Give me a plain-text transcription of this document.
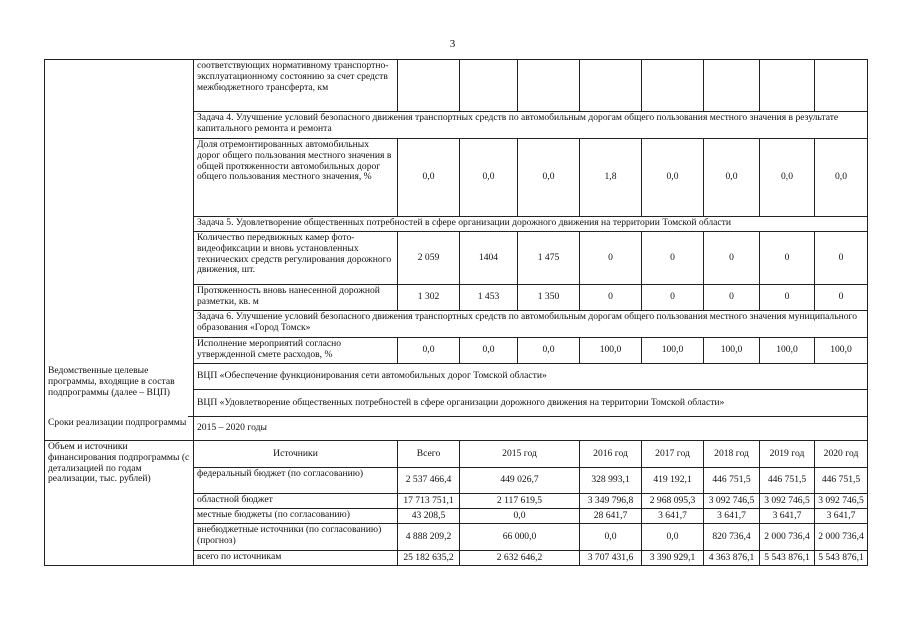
3
	соответствующих нормативному транспортно-эксплуатационному состоянию за счет средств межбюджетного трансферта, км								
	Задача 4. Улучшение условий безопасного движения транспортных средств по автомобильным дорогам общего пользования местного значения в результате капитального ремонта и ремонта								
	Доля отремонтированных автомобильных дорог общего пользования местного значения в общей протяженности автомобильных дорог общего пользования местного значения, %	0,0	0,0	0,0	1,8	0,0	0,0	0,0	0,0
	Задача 5. Удовлетворение общественных потребностей в сфере организации дорожного движения на территории Томской области								
	Количество передвижных камер фото-видеофиксации и вновь установленных технических средств регулирования дорожного движения, шт.	2 059	1404	1 475	0	0	0	0	0
	Протяженность вновь нанесенной дорожной разметки, кв. м	1 302	1 453	1 350	0	0	0	0	0
	Задача 6. Улучшение условий безопасного движения транспортных средств по автомобильным дорогам общего пользования местного значения муниципального образования «Город Томск»								
	Исполнение мероприятий согласно утвержденной смете расходов, %	0,0	0,0	0,0	100,0	100,0	100,0	100,0	100,0
	ВЦП «Обеспечение функционирования сети автомобильных дорог Томской области»								
	ВЦП «Удовлетворение общественных потребностей в сфере организации дорожного движения на территории Томской области»								
Сроки реализации подпрограммы	2015 – 2020 годы								
Объем и источники финансирования подпрограммы (с детализацией по годам реализации, тыс. рублей)	Источники	Всего	2015 год		2016 год	2017 год	2018 год	2019 год	2020 год
	федеральный бюджет (по согласованию)	2 537 466,4	449 026,7		328 993,1	419 192,1	446 751,5	446 751,5	446 751,5
	областной бюджет	17 713 751,1	2 117 619,5		3 349 796,8	2 968 095,3	3 092 746,5	3 092 746,5	3 092 746,5
	местные бюджеты (по согласованию)	43 208,5	0,0		28 641,7	3 641,7	3 641,7	3 641,7	3 641,7
	внебюджетные источники (по согласованию) (прогноз)	4 888 209,2	66 000,0		0,0	0,0	820 736,4	2 000 736,4	2 000 736,4
	всего по источникам	25 182 635,2	2 632 646,2		3 707 431,6	3 390 929,1	4 363 876,1	5 543 876,1	5 543 876,1
Ведомственные целевые программы, входящие в состав подпрограммы (далее – ВЦП)
